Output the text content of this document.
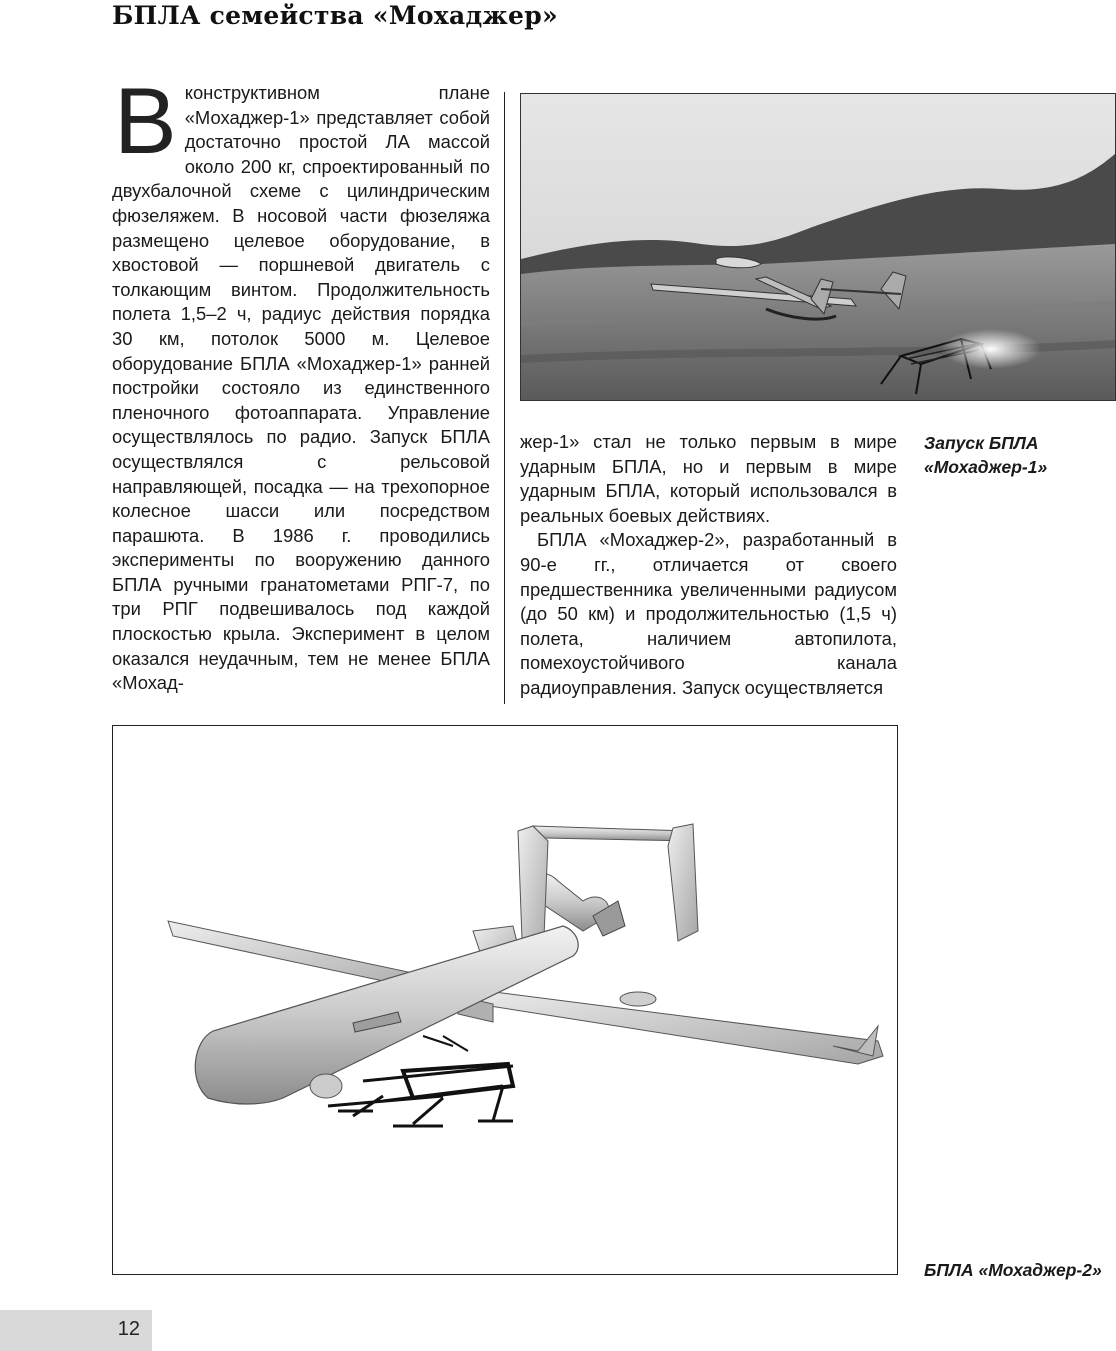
БПЛА семейства «Мохаджер»

Вконструктивном плане «Мохаджер-1» представляет собой достаточно простой ЛА массой около 200 кг, спроектированный по двухбалочной схеме с цилиндрическим фюзеляжем. В носовой части фюзеляжа размещено целевое оборудование, в хвостовой — поршневой двигатель с толкающим винтом. Продолжительность полета 1,5–2 ч, радиус действия порядка 30 км, потолок 5000 м. Целевое оборудование БПЛА «Мохаджер-1» ранней постройки состояло из единственного пленочного фотоаппарата. Управление осуществлялось по радио. Запуск БПЛА осуществлялся с рельсовой направляющей, посадка — на трехопорное колесное шасси или посредством парашюта. В 1986 г. проводились эксперименты по вооружению данного БПЛА ручными гранатометами РПГ-7, по три РПГ подвешивалось под каждой плоскостью крыла. Эксперимент в целом оказался неудачным, тем не менее БПЛА «Мохад-

жер-1» стал не только первым в мире ударным БПЛА, но и первым в мире ударным БПЛА, который использовался в реальных боевых действиях.

БПЛА «Мохаджер-2», разработанный в 90-е гг., отличается от своего предшественника увеличенными радиусом (до 50 км) и продолжительностью (1,5 ч) полета, наличием автопилота, помехоустойчивого канала радиоуправления. Запуск осуществляется

Запуск БПЛА «Мохаджер-1»
БПЛА «Мохаджер-2»
12
